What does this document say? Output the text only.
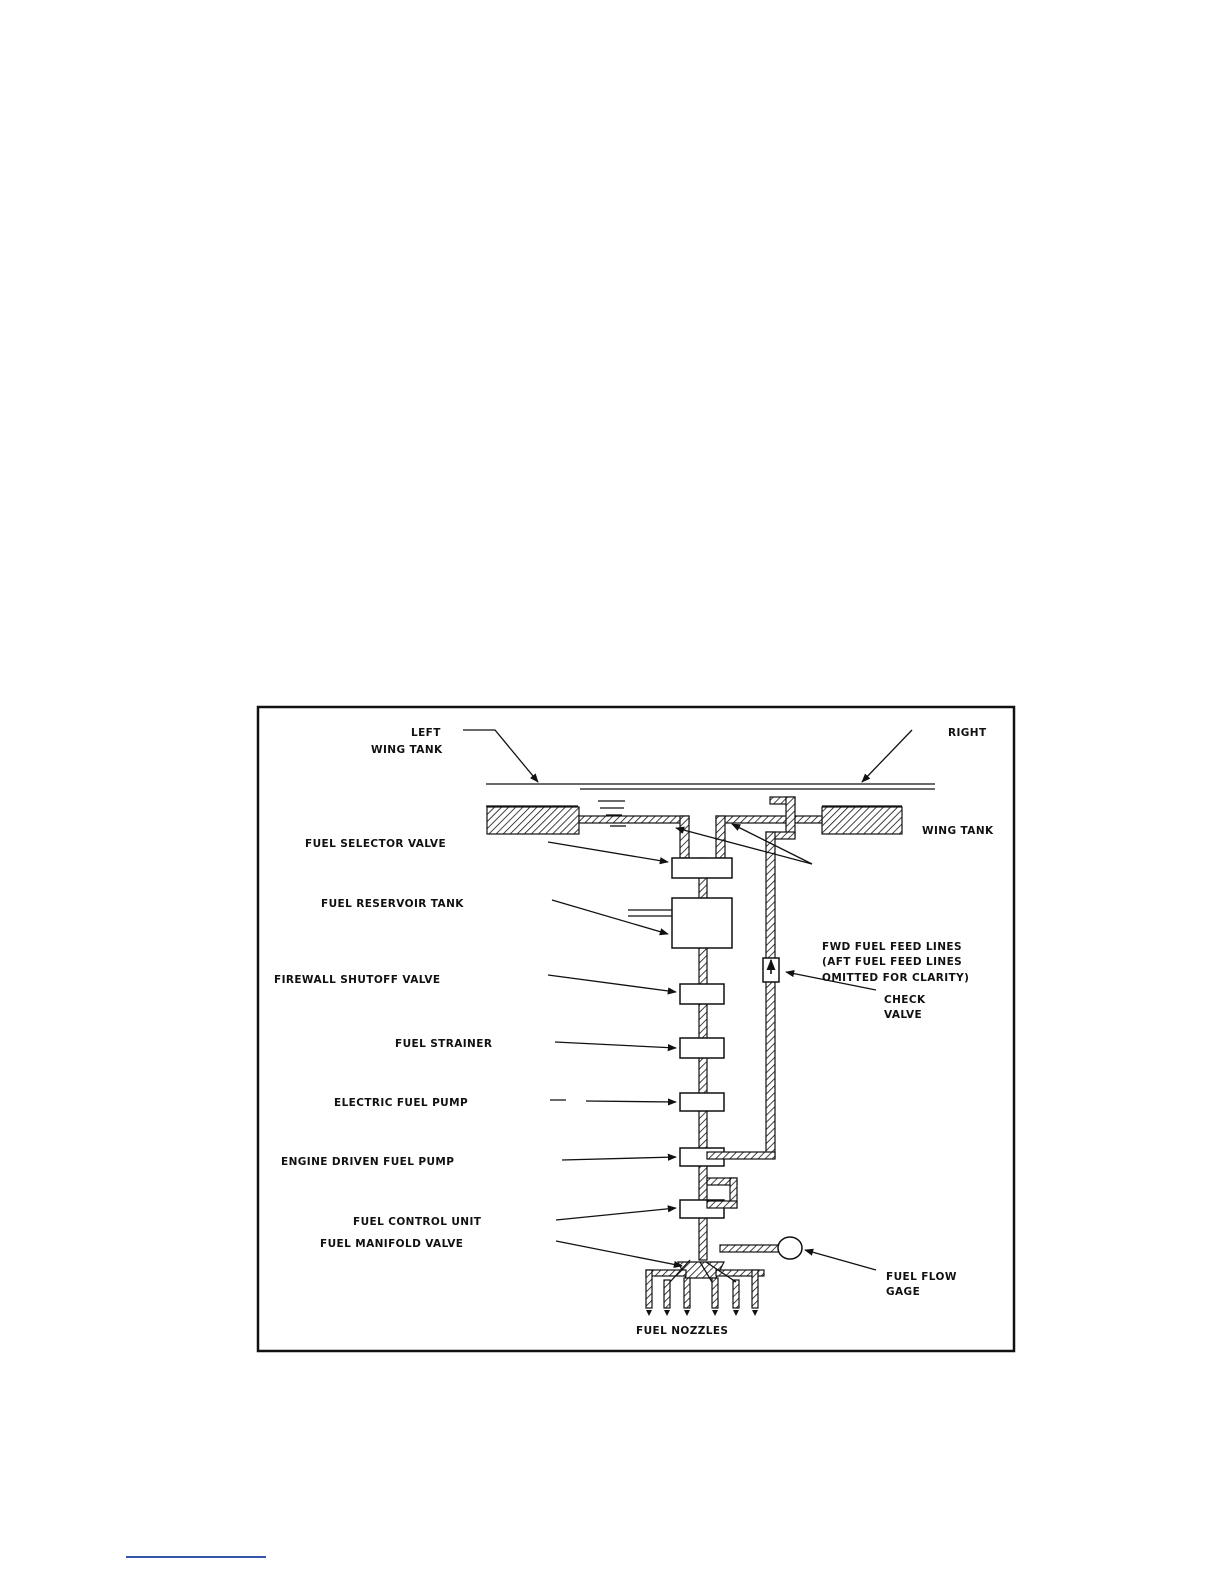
LEFT
WING TANK
RIGHT
WING TANK
FUEL SELECTOR VALVE
FUEL RESERVOIR TANK
FIREWALL SHUTOFF VALVE
FUEL STRAINER
ELECTRIC FUEL PUMP
ENGINE DRIVEN FUEL PUMP
FUEL CONTROL UNIT
FUEL MANIFOLD VALVE
FWD FUEL FEED LINES
(AFT FUEL FEED LINES
OMITTED FOR CLARITY)
CHECK
VALVE
FUEL FLOW
GAGE
FUEL NOZZLES
